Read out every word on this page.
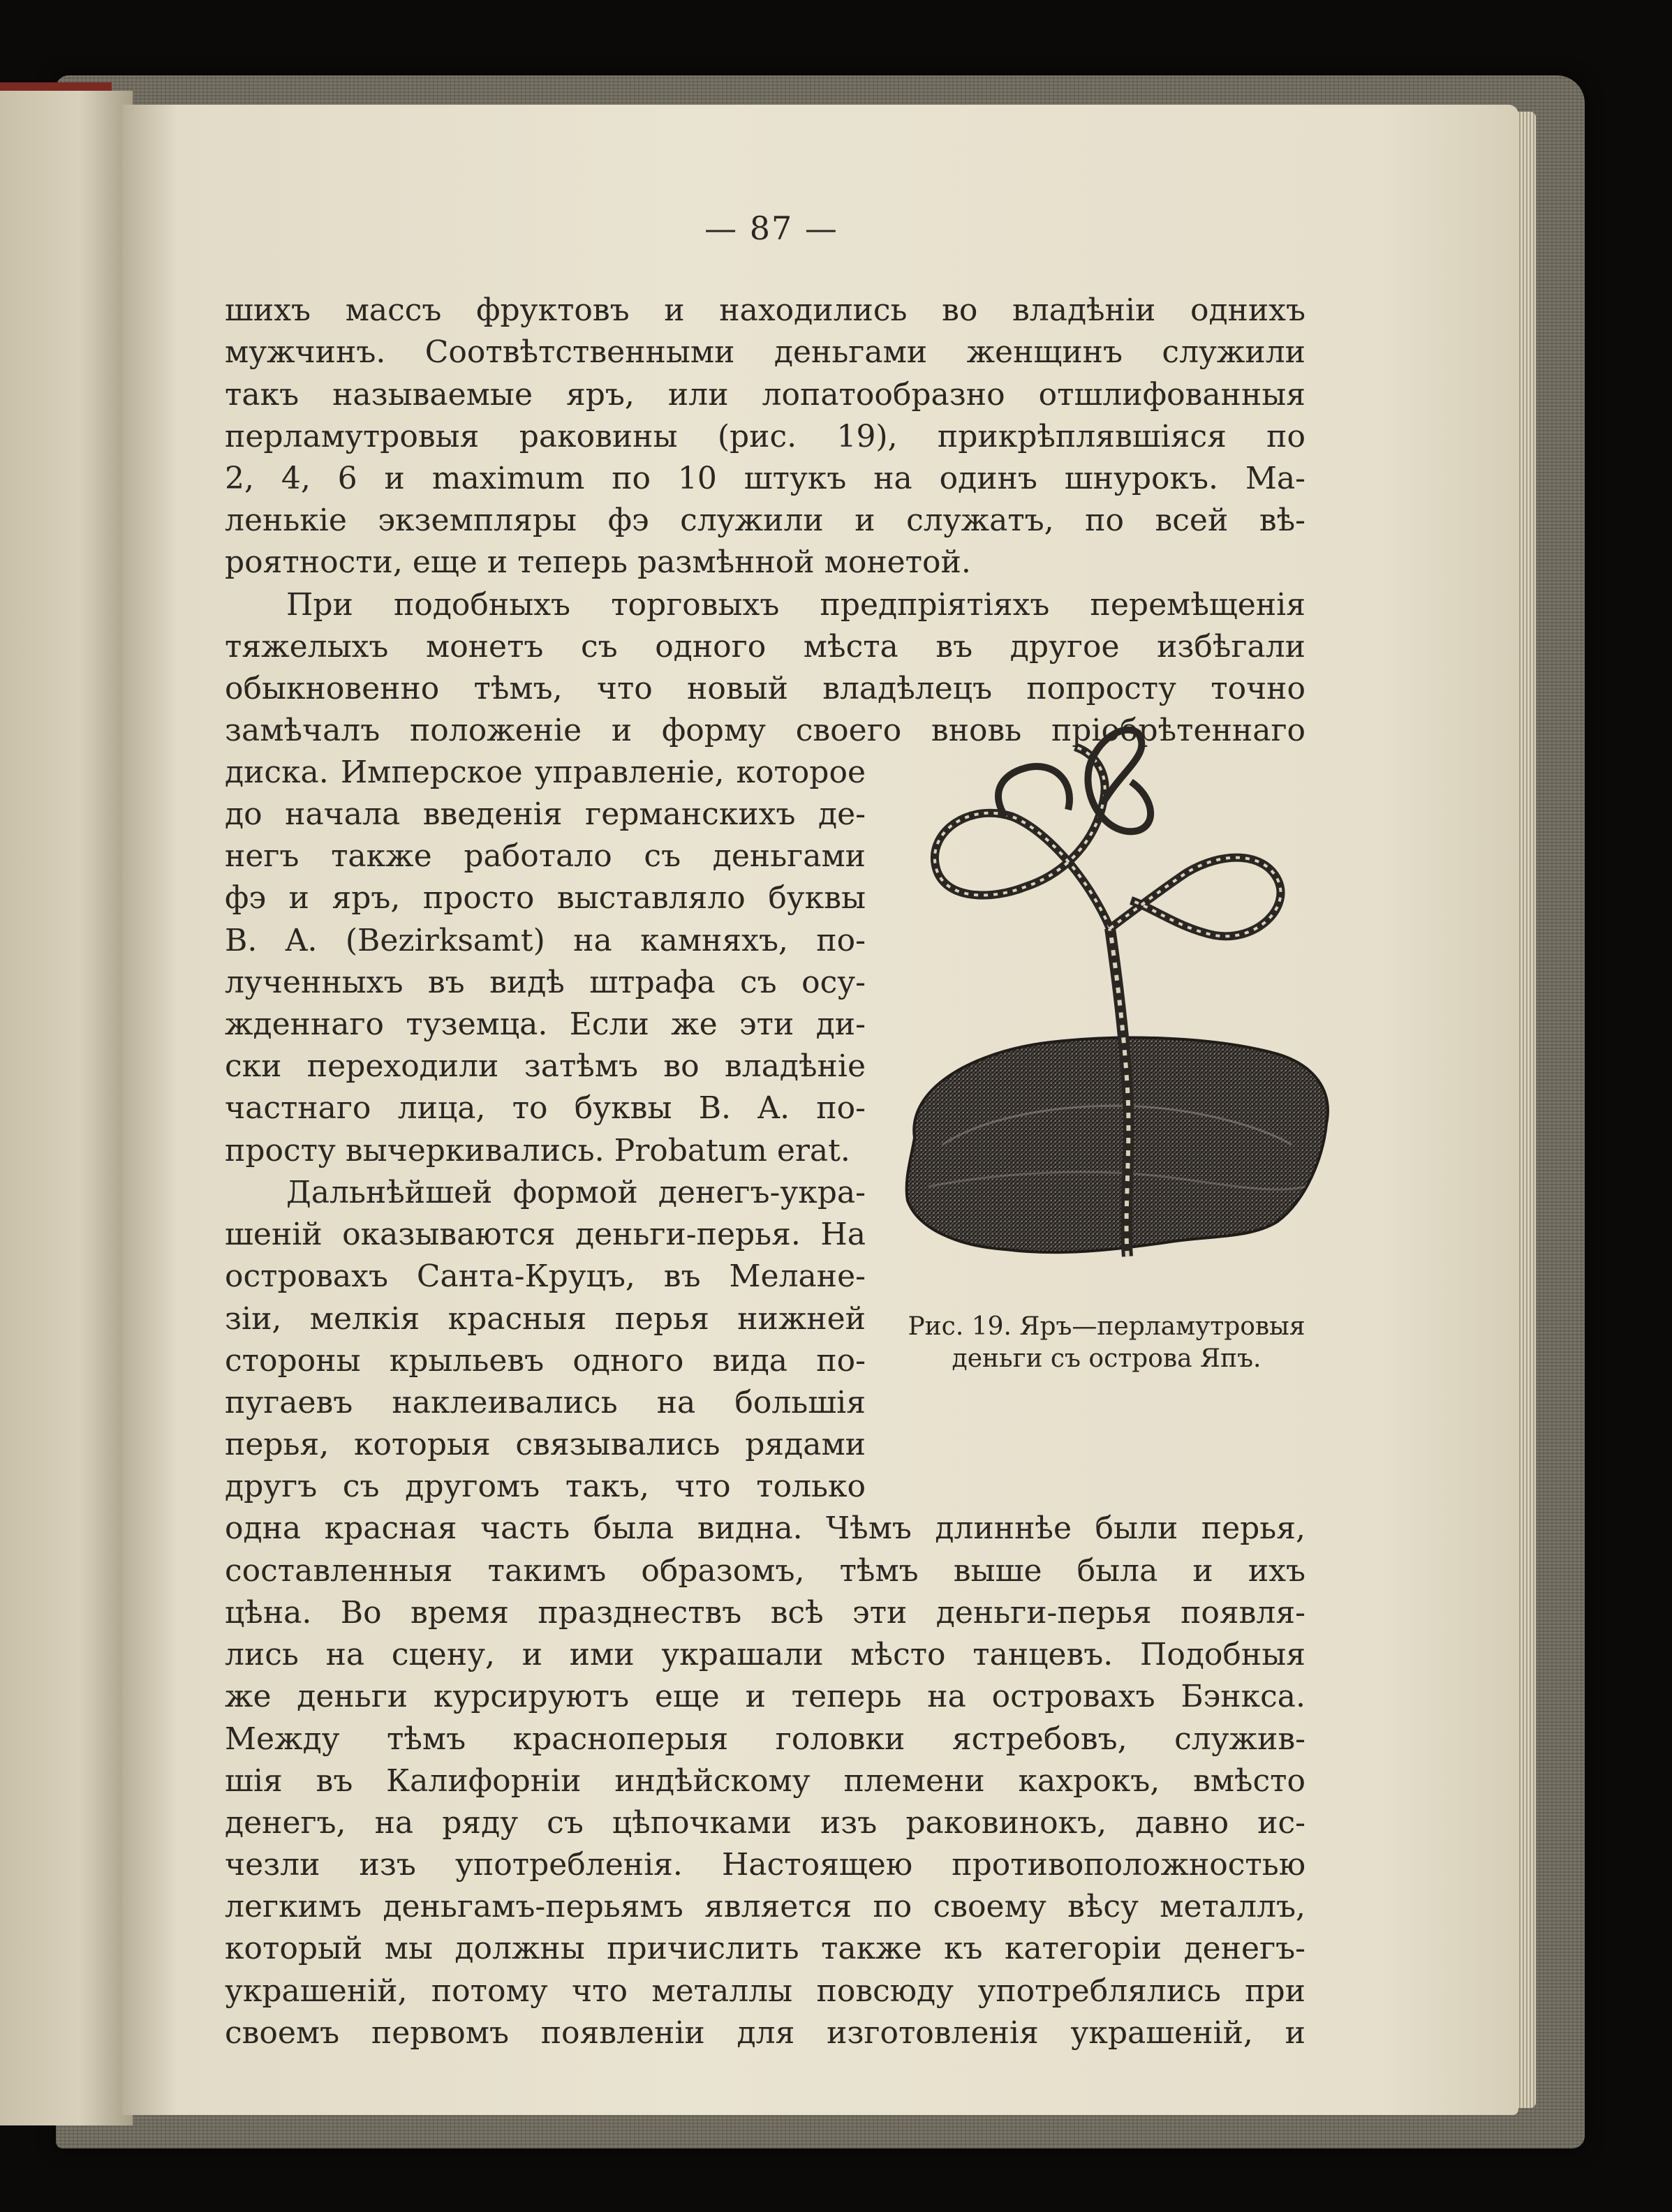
— 87 —
шихъ массъ фруктовъ и находились во владѣніи однихъ
мужчинъ. Соотвѣтственными деньгами женщинъ служили
такъ называемые яръ, или лопатообразно отшлифованныя
перламутровыя раковины (рис. 19), прикрѣплявшіяся по
2, 4, 6 и maximum по 10 штукъ на одинъ шнурокъ. Ма-
ленькіе экземпляры фэ служили и служатъ, по всей вѣ-
роятности, еще и теперь размѣнной монетой.
При подобныхъ торговыхъ предпріятіяхъ перемѣщенія
тяжелыхъ монетъ съ одного мѣста въ другое избѣгали
обыкновенно тѣмъ, что новый владѣлецъ попросту точно
замѣчалъ положеніе и форму своего вновь пріобрѣтеннаго
диска. Имперское управленіе, которое
до начала введенія германскихъ де-
негъ также работало съ деньгами
фэ и яръ, просто выставляло буквы
B. A. (Bezirksamt) на камняхъ, по-
лученныхъ въ видѣ штрафа съ осу-
жденнаго туземца. Если же эти ди-
ски переходили затѣмъ во владѣніе
частнаго лица, то буквы B. A. по-
просту вычеркивались. Probatum erat.
Дальнѣйшей формой денегъ-укра-
шеній оказываются деньги-перья. На
островахъ Санта-Круцъ, въ Меланe-
зіи, мелкія красныя перья нижней
стороны крыльевъ одного вида по-
пугаевъ наклеивались на большія
перья, которыя связывались рядами
другъ съ другомъ такъ, что только
одна красная часть была видна. Чѣмъ длиннѣе были перья,
составленныя такимъ образомъ, тѣмъ выше была и ихъ
цѣна. Во время празднествъ всѣ эти деньги-перья появля-
лись на сцену, и ими украшали мѣсто танцевъ. Подобныя
же деньги курсируютъ еще и теперь на островахъ Бэнкса.
Между тѣмъ краснoперыя головки ястребовъ, служив-
шія въ Калифорніи индѣйскому племени кахрокъ, вмѣсто
денегъ, на ряду съ цѣпочками изъ раковинокъ, давно ис-
чезли изъ употребленія. Настоящею противоположностью
легкимъ деньгамъ-перьямъ является по своему вѣсу металлъ,
который мы должны причислить также къ категоріи денегъ-
украшеній, потому что металлы повсюду употреблялись при
своемъ первомъ появленіи для изготовленія украшеній, и
Рис. 19. Яръ—перламутровыя
деньги съ острова Япъ.
